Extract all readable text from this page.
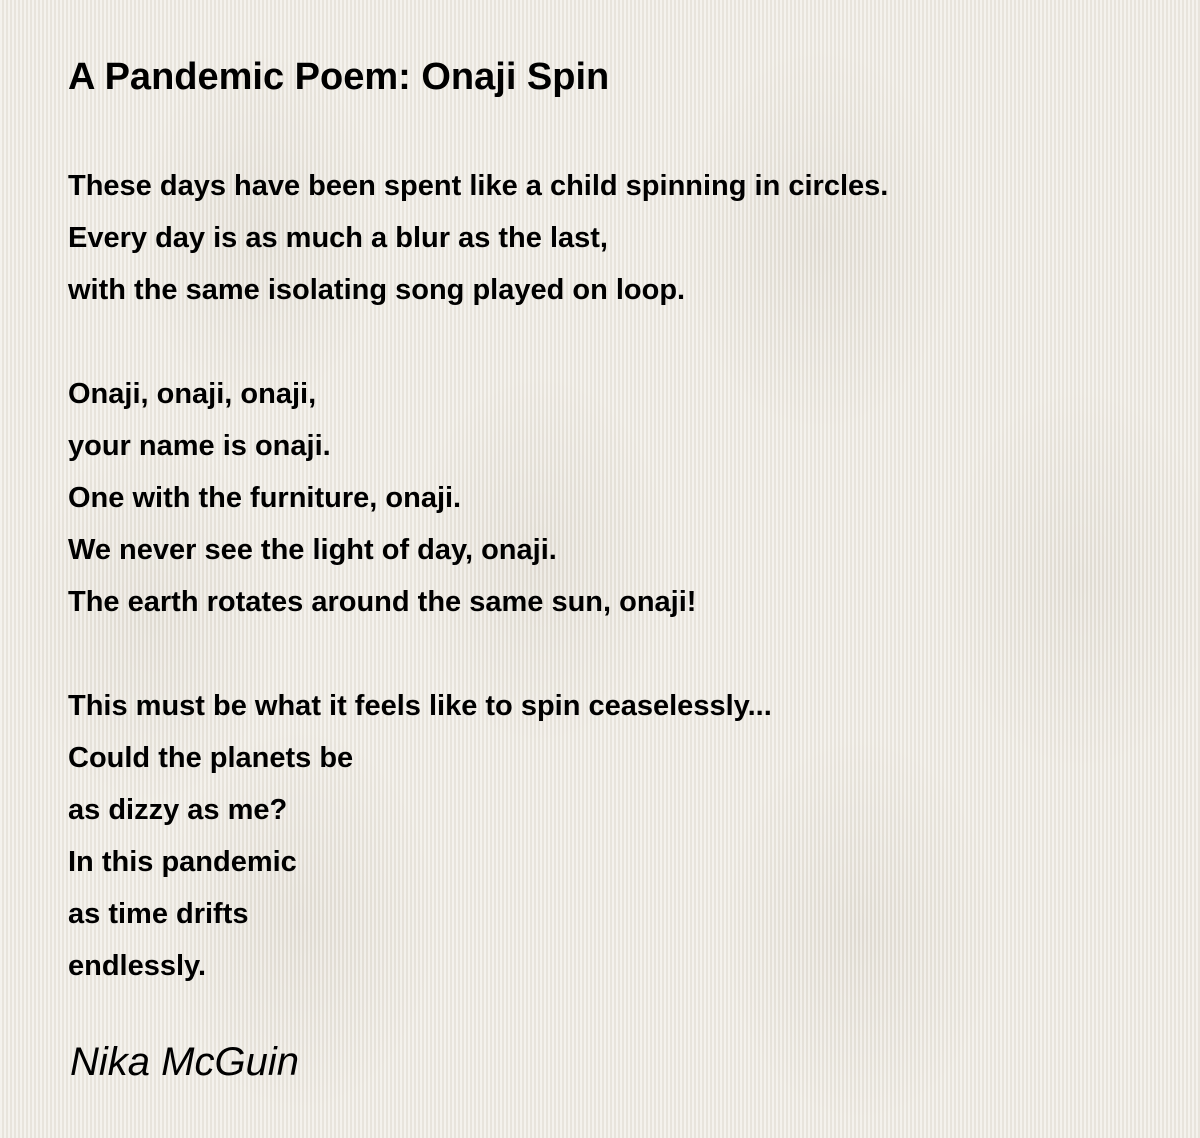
A Pandemic Poem: Onaji Spin
These days have been spent like a child spinning in circles.
Every day is as much a blur as the last,
with the same isolating song played on loop.
Onaji, onaji, onaji,
your name is onaji.
One with the furniture, onaji.
We never see the light of day, onaji.
The earth rotates around the same sun, onaji!
This must be what it feels like to spin ceaselessly...
Could the planets be
as dizzy as me?
In this pandemic
as time drifts
endlessly.
Nika McGuin
